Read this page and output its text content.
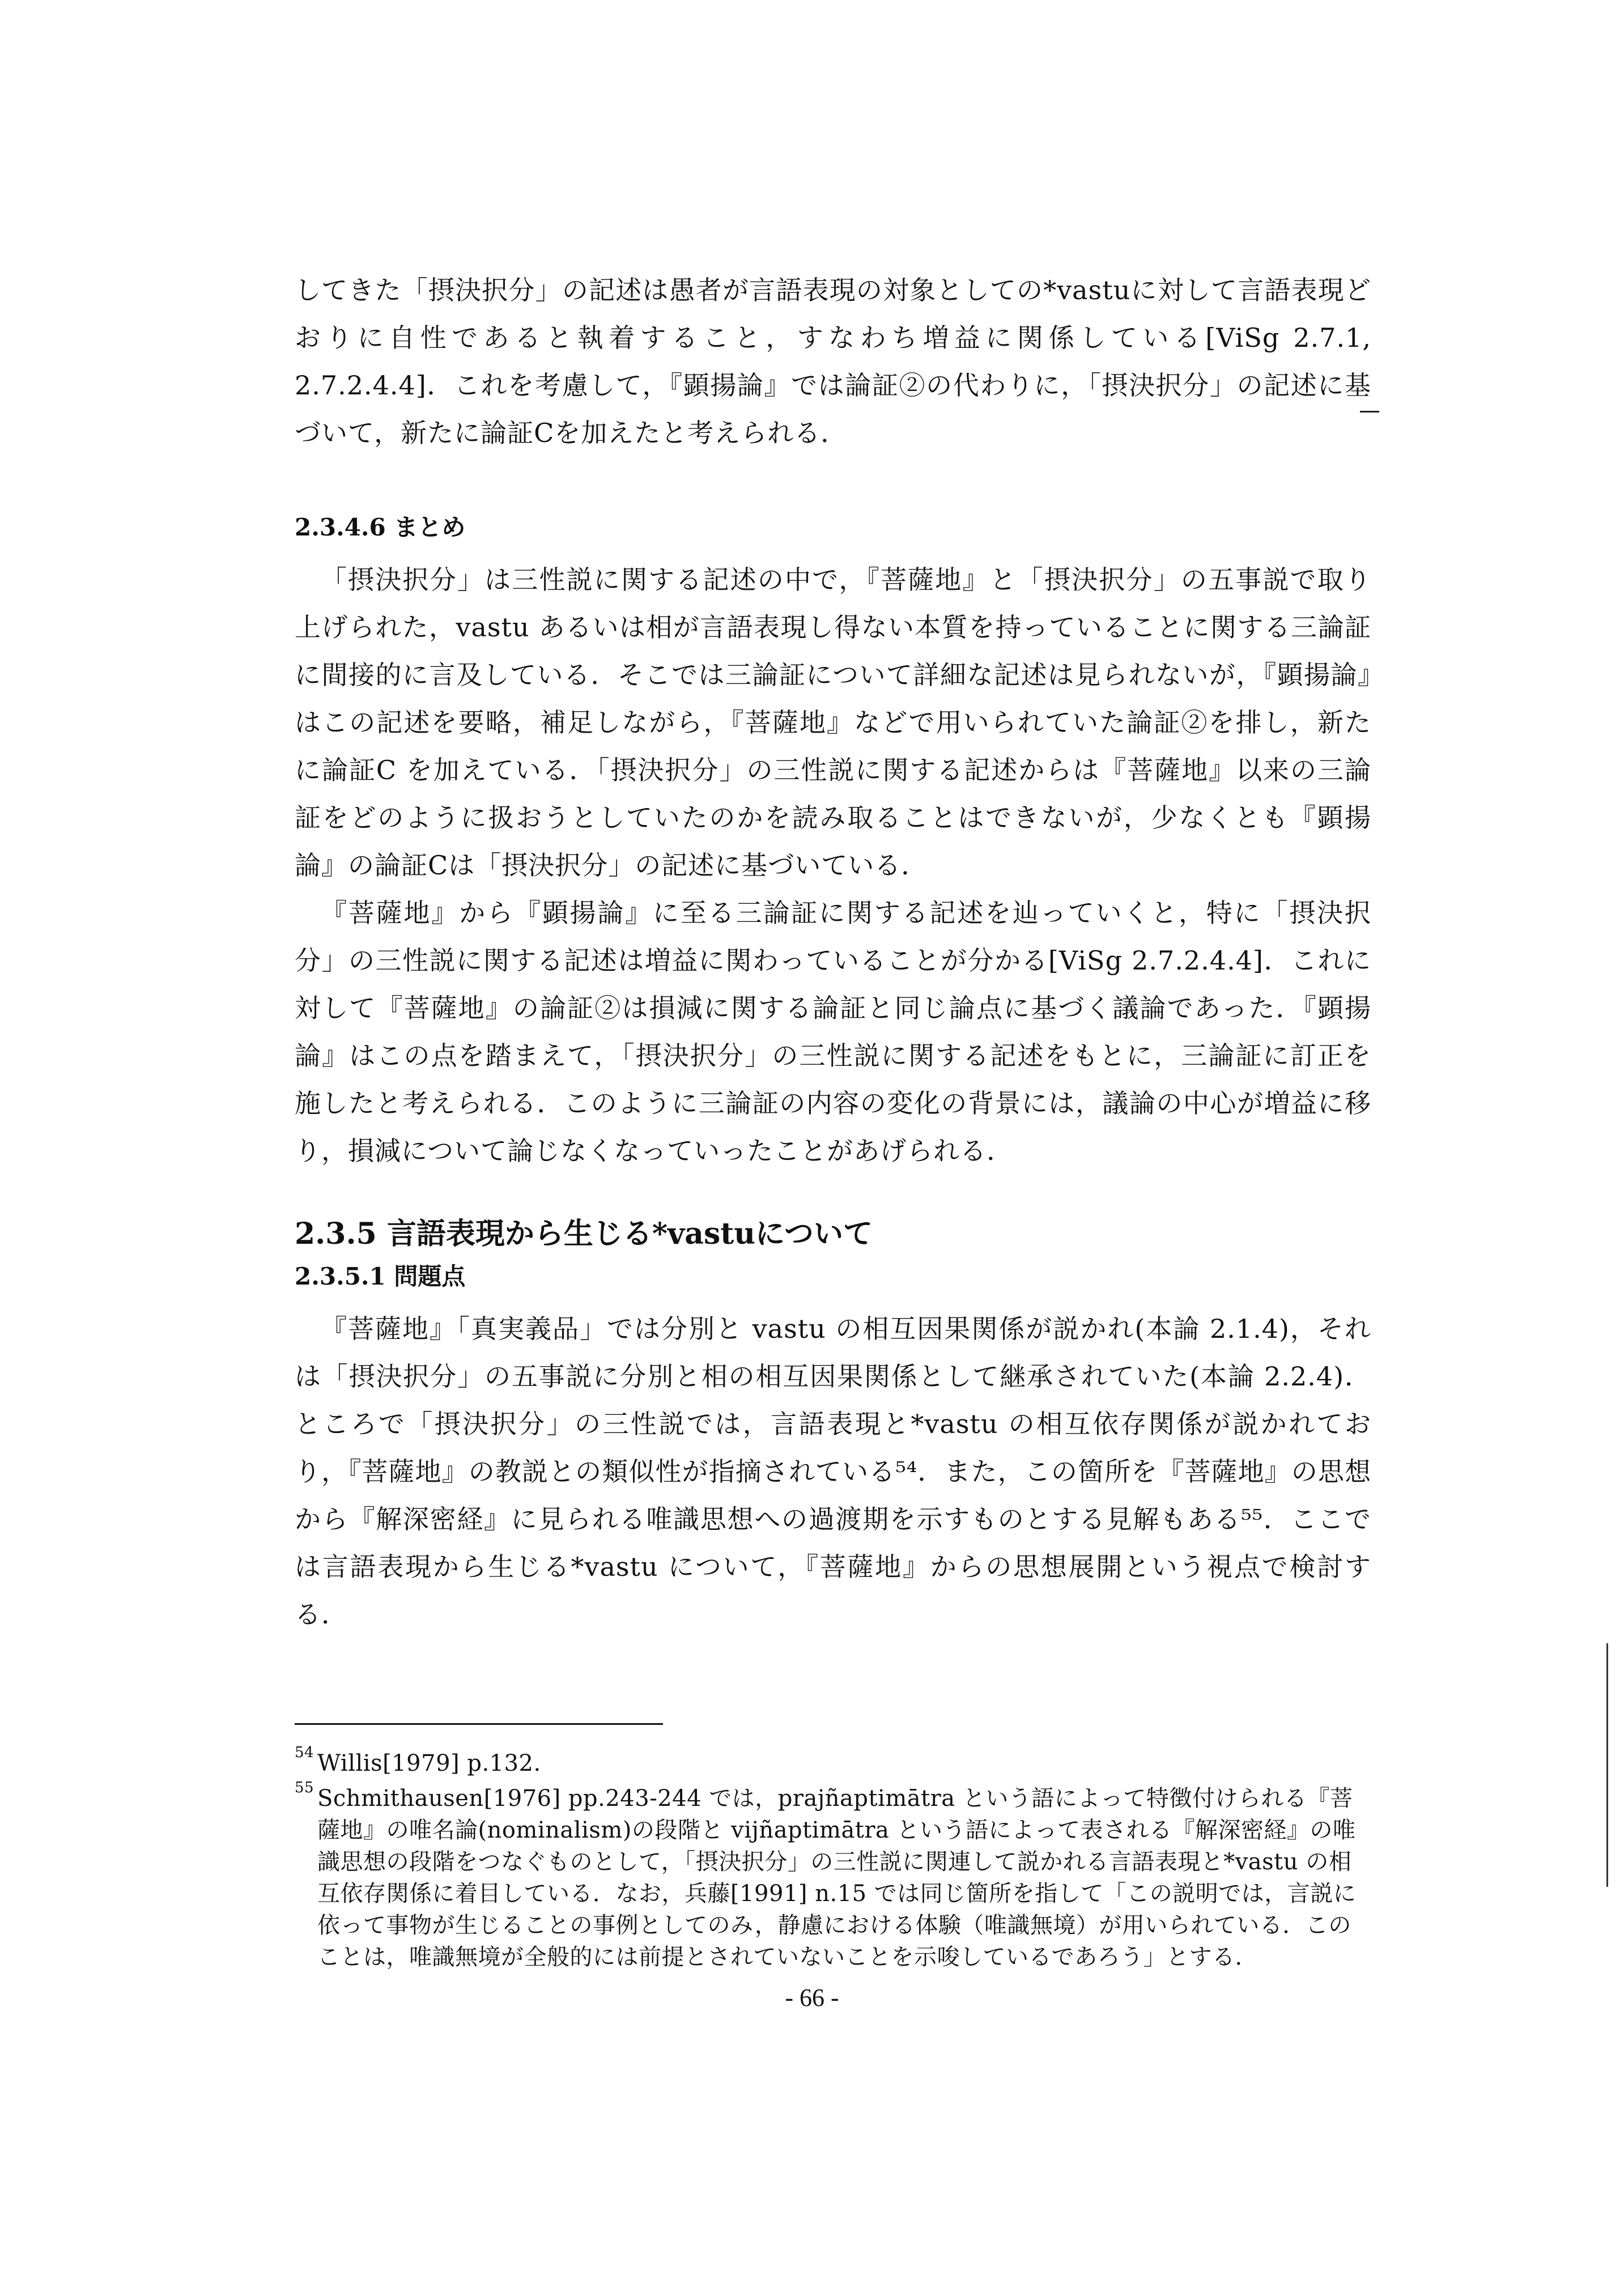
してきた「摂決択分」の記述は愚者が言語表現の対象としての*vastuに対して言語表現どおりに自性であると執着すること，すなわち増益に関係している[ViSg 2.7.1, 2.7.2.4.4]．これを考慮して，『顕揚論』では論証②の代わりに，「摂決択分」の記述に基づいて，新たに論証Cを加えたと考えられる．

2.3.4.6 まとめ

「摂決択分」は三性説に関する記述の中で，『菩薩地』と「摂決択分」の五事説で取り上げられた，vastu あるいは相が言語表現し得ない本質を持っていることに関する三論証に間接的に言及している．そこでは三論証について詳細な記述は見られないが，『顕揚論』はこの記述を要略，補足しながら，『菩薩地』などで用いられていた論証②を排し，新たに論証C を加えている．「摂決択分」の三性説に関する記述からは『菩薩地』以来の三論証をどのように扱おうとしていたのかを読み取ることはできないが，少なくとも『顕揚論』の論証Cは「摂決択分」の記述に基づいている．

『菩薩地』から『顕揚論』に至る三論証に関する記述を辿っていくと，特に「摂決択分」の三性説に関する記述は増益に関わっていることが分かる[ViSg 2.7.2.4.4]．これに対して『菩薩地』の論証②は損減に関する論証と同じ論点に基づく議論であった．『顕揚論』はこの点を踏まえて，「摂決択分」の三性説に関する記述をもとに，三論証に訂正を施したと考えられる．このように三論証の内容の変化の背景には，議論の中心が増益に移り，損減について論じなくなっていったことがあげられる．

2.3.5 言語表現から生じる*vastuについて

2.3.5.1 問題点

『菩薩地』「真実義品」では分別と vastu の相互因果関係が説かれ(本論 2.1.4)，それは「摂決択分」の五事説に分別と相の相互因果関係として継承されていた(本論 2.2.4)．ところで「摂決択分」の三性説では，言語表現と*vastu の相互依存関係が説かれており，『菩薩地』の教説との類似性が指摘されている⁵⁴．また，この箇所を『菩薩地』の思想から『解深密経』に見られる唯識思想への過渡期を示すものとする見解もある⁵⁵．ここでは言語表現から生じる*vastu について，『菩薩地』からの思想展開という視点で検討する．

54 Willis[1979] p.132.

55 Schmithausen[1976] pp.243-244 では，prajñaptimātra という語によって特徴付けられる『菩薩地』の唯名論(nominalism)の段階と vijñaptimātra という語によって表される『解深密経』の唯識思想の段階をつなぐものとして，「摂決択分」の三性説に関連して説かれる言語表現と*vastu の相互依存関係に着目している．なお，兵藤[1991] n.15 では同じ箇所を指して「この説明では，言説に依って事物が生じることの事例としてのみ，静慮における体験（唯識無境）が用いられている．このことは，唯識無境が全般的には前提とされていないことを示唆しているであろう」とする．

- 66 -
